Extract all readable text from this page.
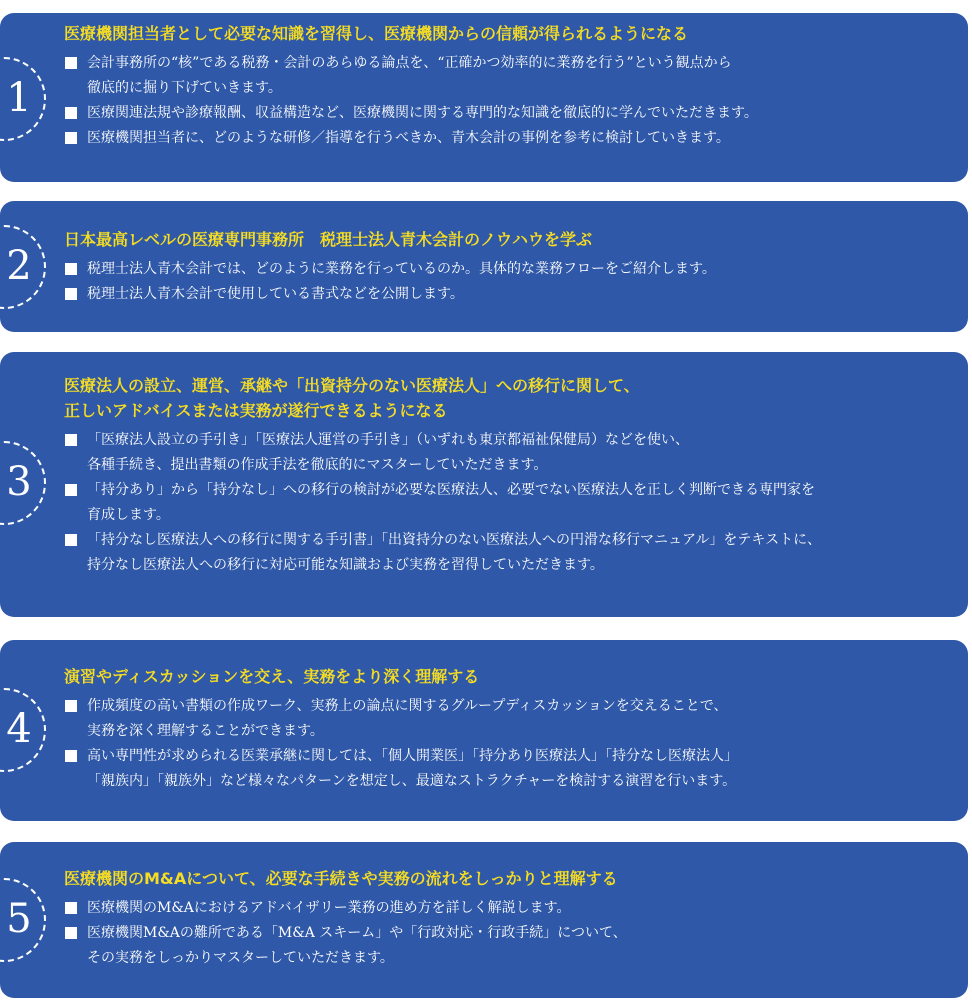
1
医療機関担当者として必要な知識を習得し、医療機関からの信頼が得られるようになる
会計事務所の“核”である税務・会計のあらゆる論点を、“正確かつ効率的に業務を行う”という観点から
徹底的に掘り下げていきます。
医療関連法規や診療報酬、収益構造など、医療機関に関する専門的な知識を徹底的に学んでいただきます。
医療機関担当者に、どのような研修／指導を行うべきか、青木会計の事例を参考に検討していきます。
2
日本最高レベルの医療専門事務所　税理士法人青木会計のノウハウを学ぶ
税理士法人青木会計では、どのように業務を行っているのか。具体的な業務フローをご紹介します。
税理士法人青木会計で使用している書式などを公開します。
3
医療法人の設立、運営、承継や「出資持分のない医療法人」への移行に関して、
正しいアドバイスまたは実務が遂行できるようになる
「医療法人設立の手引き」「医療法人運営の手引き」（いずれも東京都福祉保健局）などを使い、
各種手続き、提出書類の作成手法を徹底的にマスターしていただきます。
「持分あり」から「持分なし」への移行の検討が必要な医療法人、必要でない医療法人を正しく判断できる専門家を
育成します。
「持分なし医療法人への移行に関する手引書」「出資持分のない医療法人への円滑な移行マニュアル」をテキストに、
持分なし医療法人への移行に対応可能な知識および実務を習得していただきます。
4
演習やディスカッションを交え、実務をより深く理解する
作成頻度の高い書類の作成ワーク、実務上の論点に関するグループディスカッションを交えることで、
実務を深く理解することができます。
高い専門性が求められる医業承継に関しては、「個人開業医」「持分あり医療法人」「持分なし医療法人」
「親族内」「親族外」など様々なパターンを想定し、最適なストラクチャーを検討する演習を行います。
5
医療機関のM&Aについて、必要な手続きや実務の流れをしっかりと理解する
医療機関のM&Aにおけるアドバイザリー業務の進め方を詳しく解説します。
医療機関M&Aの難所である「M&A スキーム」や「行政対応・行政手続」について、
その実務をしっかりマスターしていただきます。
